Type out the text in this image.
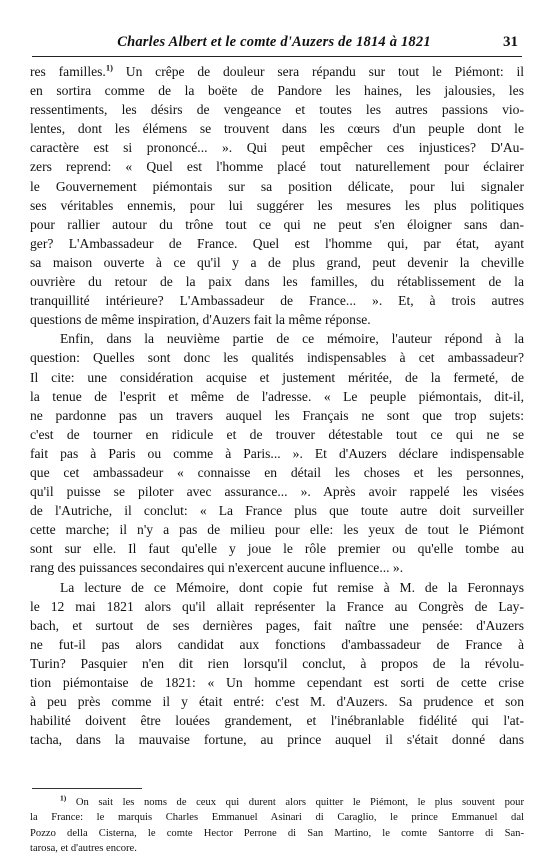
Charles Albert et le comte d'Auzers de 1814 à 1821	31
res familles.$^{1)}$ Un crêpe de douleur sera répandu sur tout le Piémont: il
en sortira comme de la boëte de Pandore les haines, les jalousies, les
ressentiments, les désirs de vengeance et toutes les autres passions vio-
lentes, dont les élémens se trouvent dans les cœurs d'un peuple dont le
caractère est si prononcé... ». Qui peut empêcher ces injustices? D'Au-
zers reprend: « Quel est l'homme placé tout naturellement pour éclairer
le Gouvernement piémontais sur sa position délicate, pour lui signaler
ses véritables ennemis, pour lui suggérer les mesures les plus politiques
pour rallier autour du trône tout ce qui ne peut s'en éloigner sans dan-
ger? L'Ambassadeur de France. Quel est l'homme qui, par état, ayant
sa maison ouverte à ce qu'il y a de plus grand, peut devenir la cheville
ouvrière du retour de la paix dans les familles, du rétablissement de la
tranquillité intérieure? L'Ambassadeur de France... ». Et, à trois autres
questions de même inspiration, d'Auzers fait la même réponse.
Enfin, dans la neuvième partie de ce mémoire, l'auteur répond à la
question: Quelles sont donc les qualités indispensables à cet ambassadeur?
Il cite: une considération acquise et justement méritée, de la fermeté, de
la tenue de l'esprit et même de l'adresse. « Le peuple piémontais, dit-il,
ne pardonne pas un travers auquel les Français ne sont que trop sujets:
c'est de tourner en ridicule et de trouver détestable tout ce qui ne se
fait pas à Paris ou comme à Paris... ». Et d'Auzers déclare indispensable
que cet ambassadeur « connaisse en détail les choses et les personnes,
qu'il puisse se piloter avec assurance... ». Après avoir rappelé les visées
de l'Autriche, il conclut: « La France plus que toute autre doit surveiller
cette marche; il n'y a pas de milieu pour elle: les yeux de tout le Piémont
sont sur elle. Il faut qu'elle y joue le rôle premier ou qu'elle tombe au
rang des puissances secondaires qui n'exercent aucune influence... ».
La lecture de ce Mémoire, dont copie fut remise à M. de la Feronnays
le 12 mai 1821 alors qu'il allait représenter la France au Congrès de Lay-
bach, et surtout de ses dernières pages, fait naître une pensée: d'Auzers
ne fut-il pas alors candidat aux fonctions d'ambassadeur de France à
Turin? Pasquier n'en dit rien lorsqu'il conclut, à propos de la révolu-
tion piémontaise de 1821: « Un homme cependant est sorti de cette crise
à peu près comme il y était entré: c'est M. d'Auzers. Sa prudence et son
habilité doivent être louées grandement, et l'inébranlable fidélité qui l'at-
tacha, dans la mauvaise fortune, au prince auquel il s'était donné dans
$^{1)}$ On sait les noms de ceux qui durent alors quitter le Piémont, le plus souvent pour
la France: le marquis Charles Emmanuel Asinari di Caraglio, le prince Emmanuel dal
Pozzo della Cisterna, le comte Hector Perrone di San Martino, le comte Santorre di San-
tarosa, et d'autres encore.
